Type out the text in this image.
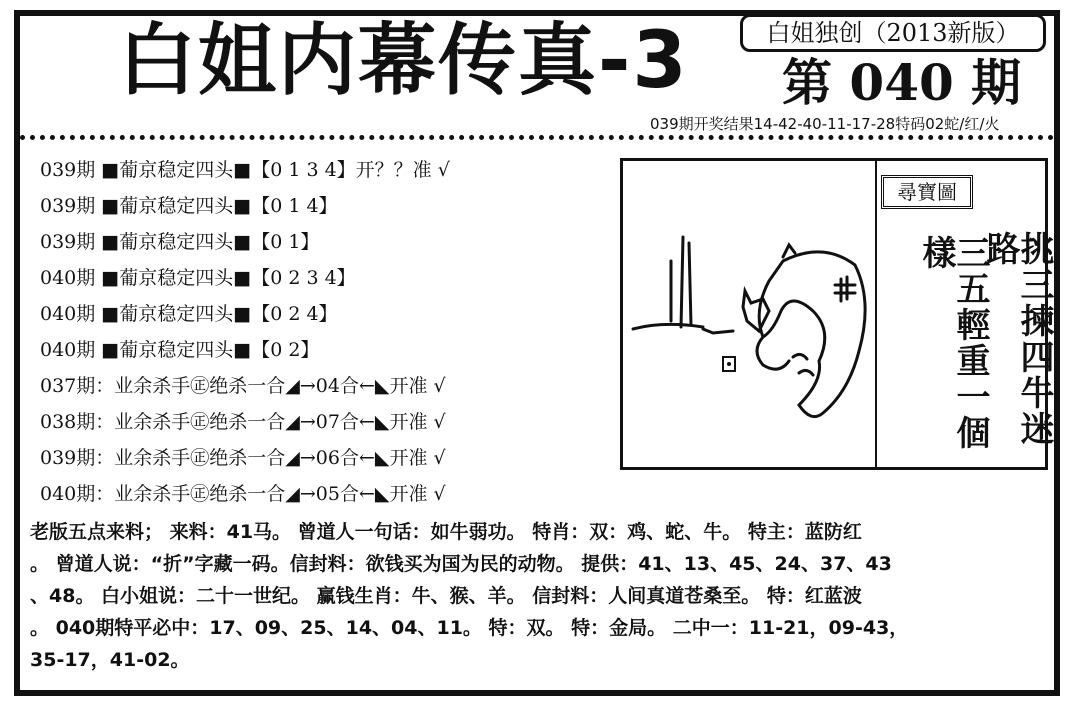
白姐内幕传真-3	白姐独创（2013新版）
第 040 期
039期开奖结果14-42-40-11-17-28特码02蛇/红/火
039期 ■葡京稳定四头■【0 1 3 4】开？？准 √
039期 ■葡京稳定四头■【0 1 4】
039期 ■葡京稳定四头■【0 1】
040期 ■葡京稳定四头■【0 2 3 4】
040期 ■葡京稳定四头■【0 2 4】
040期 ■葡京稳定四头■【0 2】
037期：业余杀手㊣绝杀一合◢→04合←◣开准 √
038期：业余杀手㊣绝杀一合◢→07合←◣开准 √
039期：业余杀手㊣绝杀一合◢→06合←◣开准 √
040期：业余杀手㊣绝杀一合◢→05合←◣开准 √
尋寶圖
挑三揀四牛迷路
三五輕重一個樣
老版五点来料； 来料：41马。 曾道人一句话：如牛弱功。 特肖：双：鸡、蛇、牛。 特主：蓝防红
。 曾道人说：“折”字藏一码。信封料：欲钱买为国为民的动物。 提供：41、13、45、24、37、43
、48。 白小姐说：二十一世纪。 赢钱生肖：牛、猴、羊。 信封料：人间真道苍桑至。 特：红蓝波
。 040期特平必中：17、09、25、14、04、11。 特：双。 特：金局。 二中一：11-21，09-43，
35-17，41-02。
